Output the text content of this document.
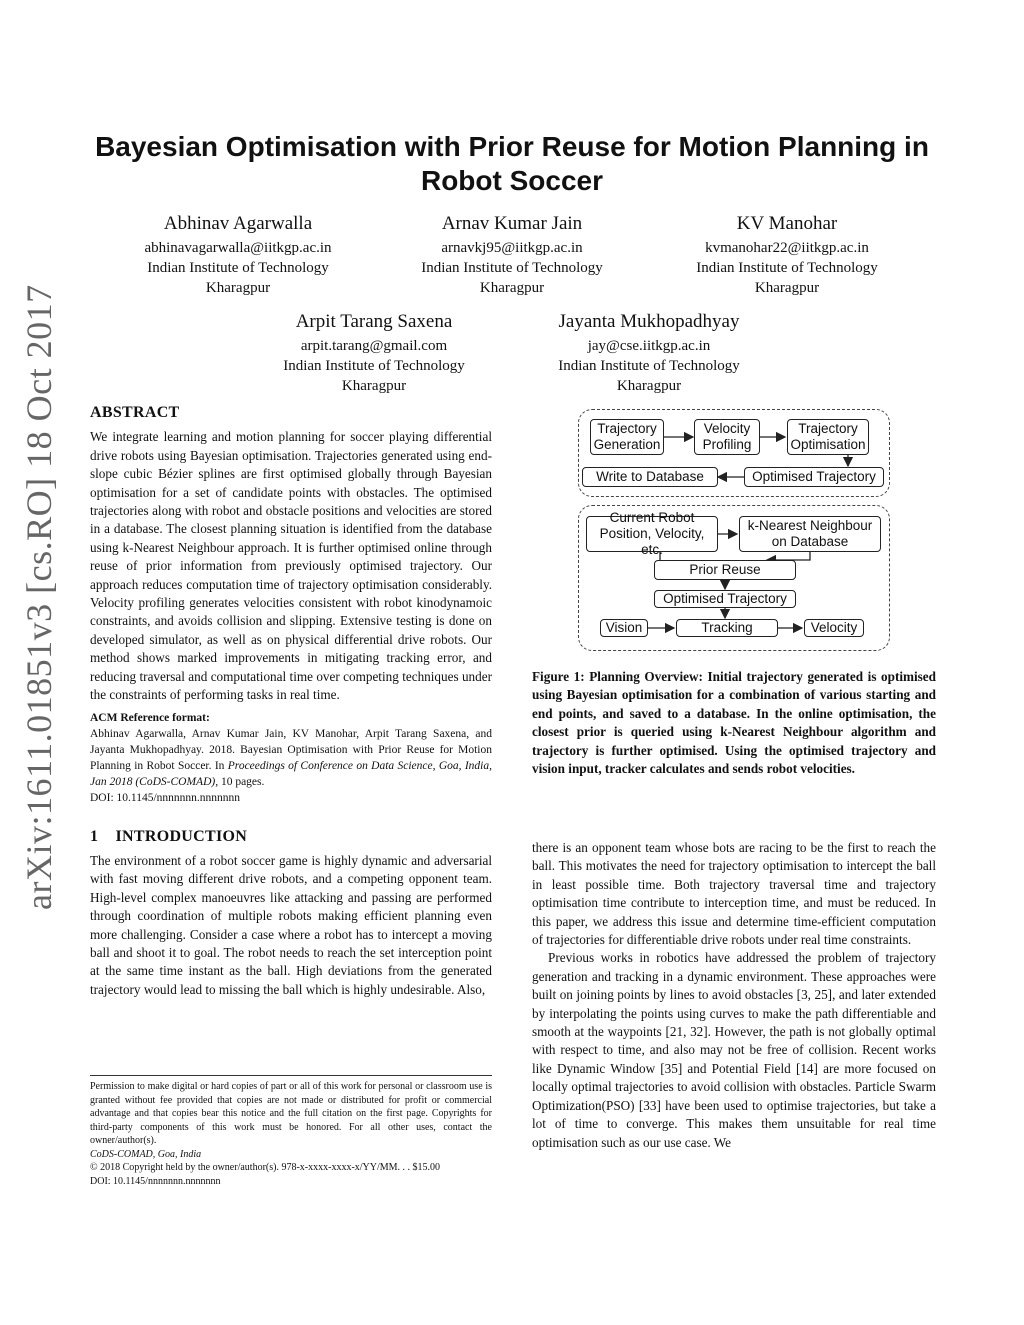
arXiv:1611.01851v3 [cs.RO] 18 Oct 2017
Bayesian Optimisation with Prior Reuse for Motion Planning in Robot Soccer
Abhinav Agarwalla
abhinavagarwalla@iitkgp.ac.in
Indian Institute of Technology
Kharagpur
Arnav Kumar Jain
arnavkj95@iitkgp.ac.in
Indian Institute of Technology
Kharagpur
KV Manohar
kvmanohar22@iitkgp.ac.in
Indian Institute of Technology
Kharagpur
Arpit Tarang Saxena
arpit.tarang@gmail.com
Indian Institute of Technology
Kharagpur
Jayanta Mukhopadhyay
jay@cse.iitkgp.ac.in
Indian Institute of Technology
Kharagpur
ABSTRACT

We integrate learning and motion planning for soccer playing differential drive robots using Bayesian optimisation. Trajectories generated using end-slope cubic Bézier splines are first optimised globally through Bayesian optimisation for a set of candidate points with obstacles. The optimised trajectories along with robot and obstacle positions and velocities are stored in a database. The closest planning situation is identified from the database using k-Nearest Neighbour approach. It is further optimised online through reuse of prior information from previously optimised trajectory. Our approach reduces computation time of trajectory optimisation considerably. Velocity profiling generates velocities consistent with robot kinodynamoic constraints, and avoids collision and slipping. Extensive testing is done on developed simulator, as well as on physical differential drive robots. Our method shows marked improvements in mitigating tracking error, and reducing traversal and computational time over competing techniques under the constraints of performing tasks in real time.

ACM Reference format:
Abhinav Agarwalla, Arnav Kumar Jain, KV Manohar, Arpit Tarang Saxena, and Jayanta Mukhopadhyay. 2018. Bayesian Optimisation with Prior Reuse for Motion Planning in Robot Soccer. In Proceedings of Conference on Data Science, Goa, India, Jan 2018 (CoDS-COMAD), 10 pages.
DOI: 10.1145/nnnnnnn.nnnnnnn
1    INTRODUCTION

The environment of a robot soccer game is highly dynamic and adversarial with fast moving different drive robots, and a competing opponent team. High-level complex manoeuvres like attacking and passing are performed through coordination of multiple robots making efficient planning even more challenging. Consider a case where a robot has to intercept a moving ball and shoot it to goal. The robot needs to reach the set interception point at the same time instant as the ball. High deviations from the generated trajectory would lead to missing the ball which is highly undesirable. Also,

Permission to make digital or hard copies of part or all of this work for personal or classroom use is granted without fee provided that copies are not made or distributed for profit or commercial advantage and that copies bear this notice and the full citation on the first page. Copyrights for third-party components of this work must be honored. For all other uses, contact the owner/author(s).

CoDS-COMAD, Goa, India

© 2018 Copyright held by the owner/author(s). 978-x-xxxx-xxxx-x/YY/MM. . . $15.00

DOI: 10.1145/nnnnnnn.nnnnnnn

Trajectory Generation
Velocity Profiling
Trajectory Optimisation
Write to Database	Optimised Trajectory
Current Robot Position, Velocity, etc.
k-Nearest Neighbour on Database
Prior Reuse
Optimised Trajectory
Vision	Tracking	Velocity
Figure 1: Planning Overview: Initial trajectory generated is optimised using Bayesian optimisation for a combination of various starting and end points, and saved to a database. In the online optimisation, the closest prior is queried using k-Nearest Neighbour algorithm and trajectory is further optimised. Using the optimised trajectory and vision input, tracker calculates and sends robot velocities.

there is an opponent team whose bots are racing to be the first to reach the ball. This motivates the need for trajectory optimisation to intercept the ball in least possible time. Both trajectory traversal time and trajectory optimisation time contribute to interception time, and must be reduced. In this paper, we address this issue and determine time-efficient computation of trajectories for differentiable drive robots under real time constraints.

Previous works in robotics have addressed the problem of trajectory generation and tracking in a dynamic environment. These approaches were built on joining points by lines to avoid obstacles [3, 25], and later extended by interpolating the points using curves to make the path differentiable and smooth at the waypoints [21, 32]. However, the path is not globally optimal with respect to time, and also may not be free of collision. Recent works like Dynamic Window [35] and Potential Field [14] are more focused on locally optimal trajectories to avoid collision with obstacles. Particle Swarm Optimization(PSO) [33] have been used to optimise trajectories, but take a lot of time to converge. This makes them unsuitable for real time optimisation such as our use case. We
